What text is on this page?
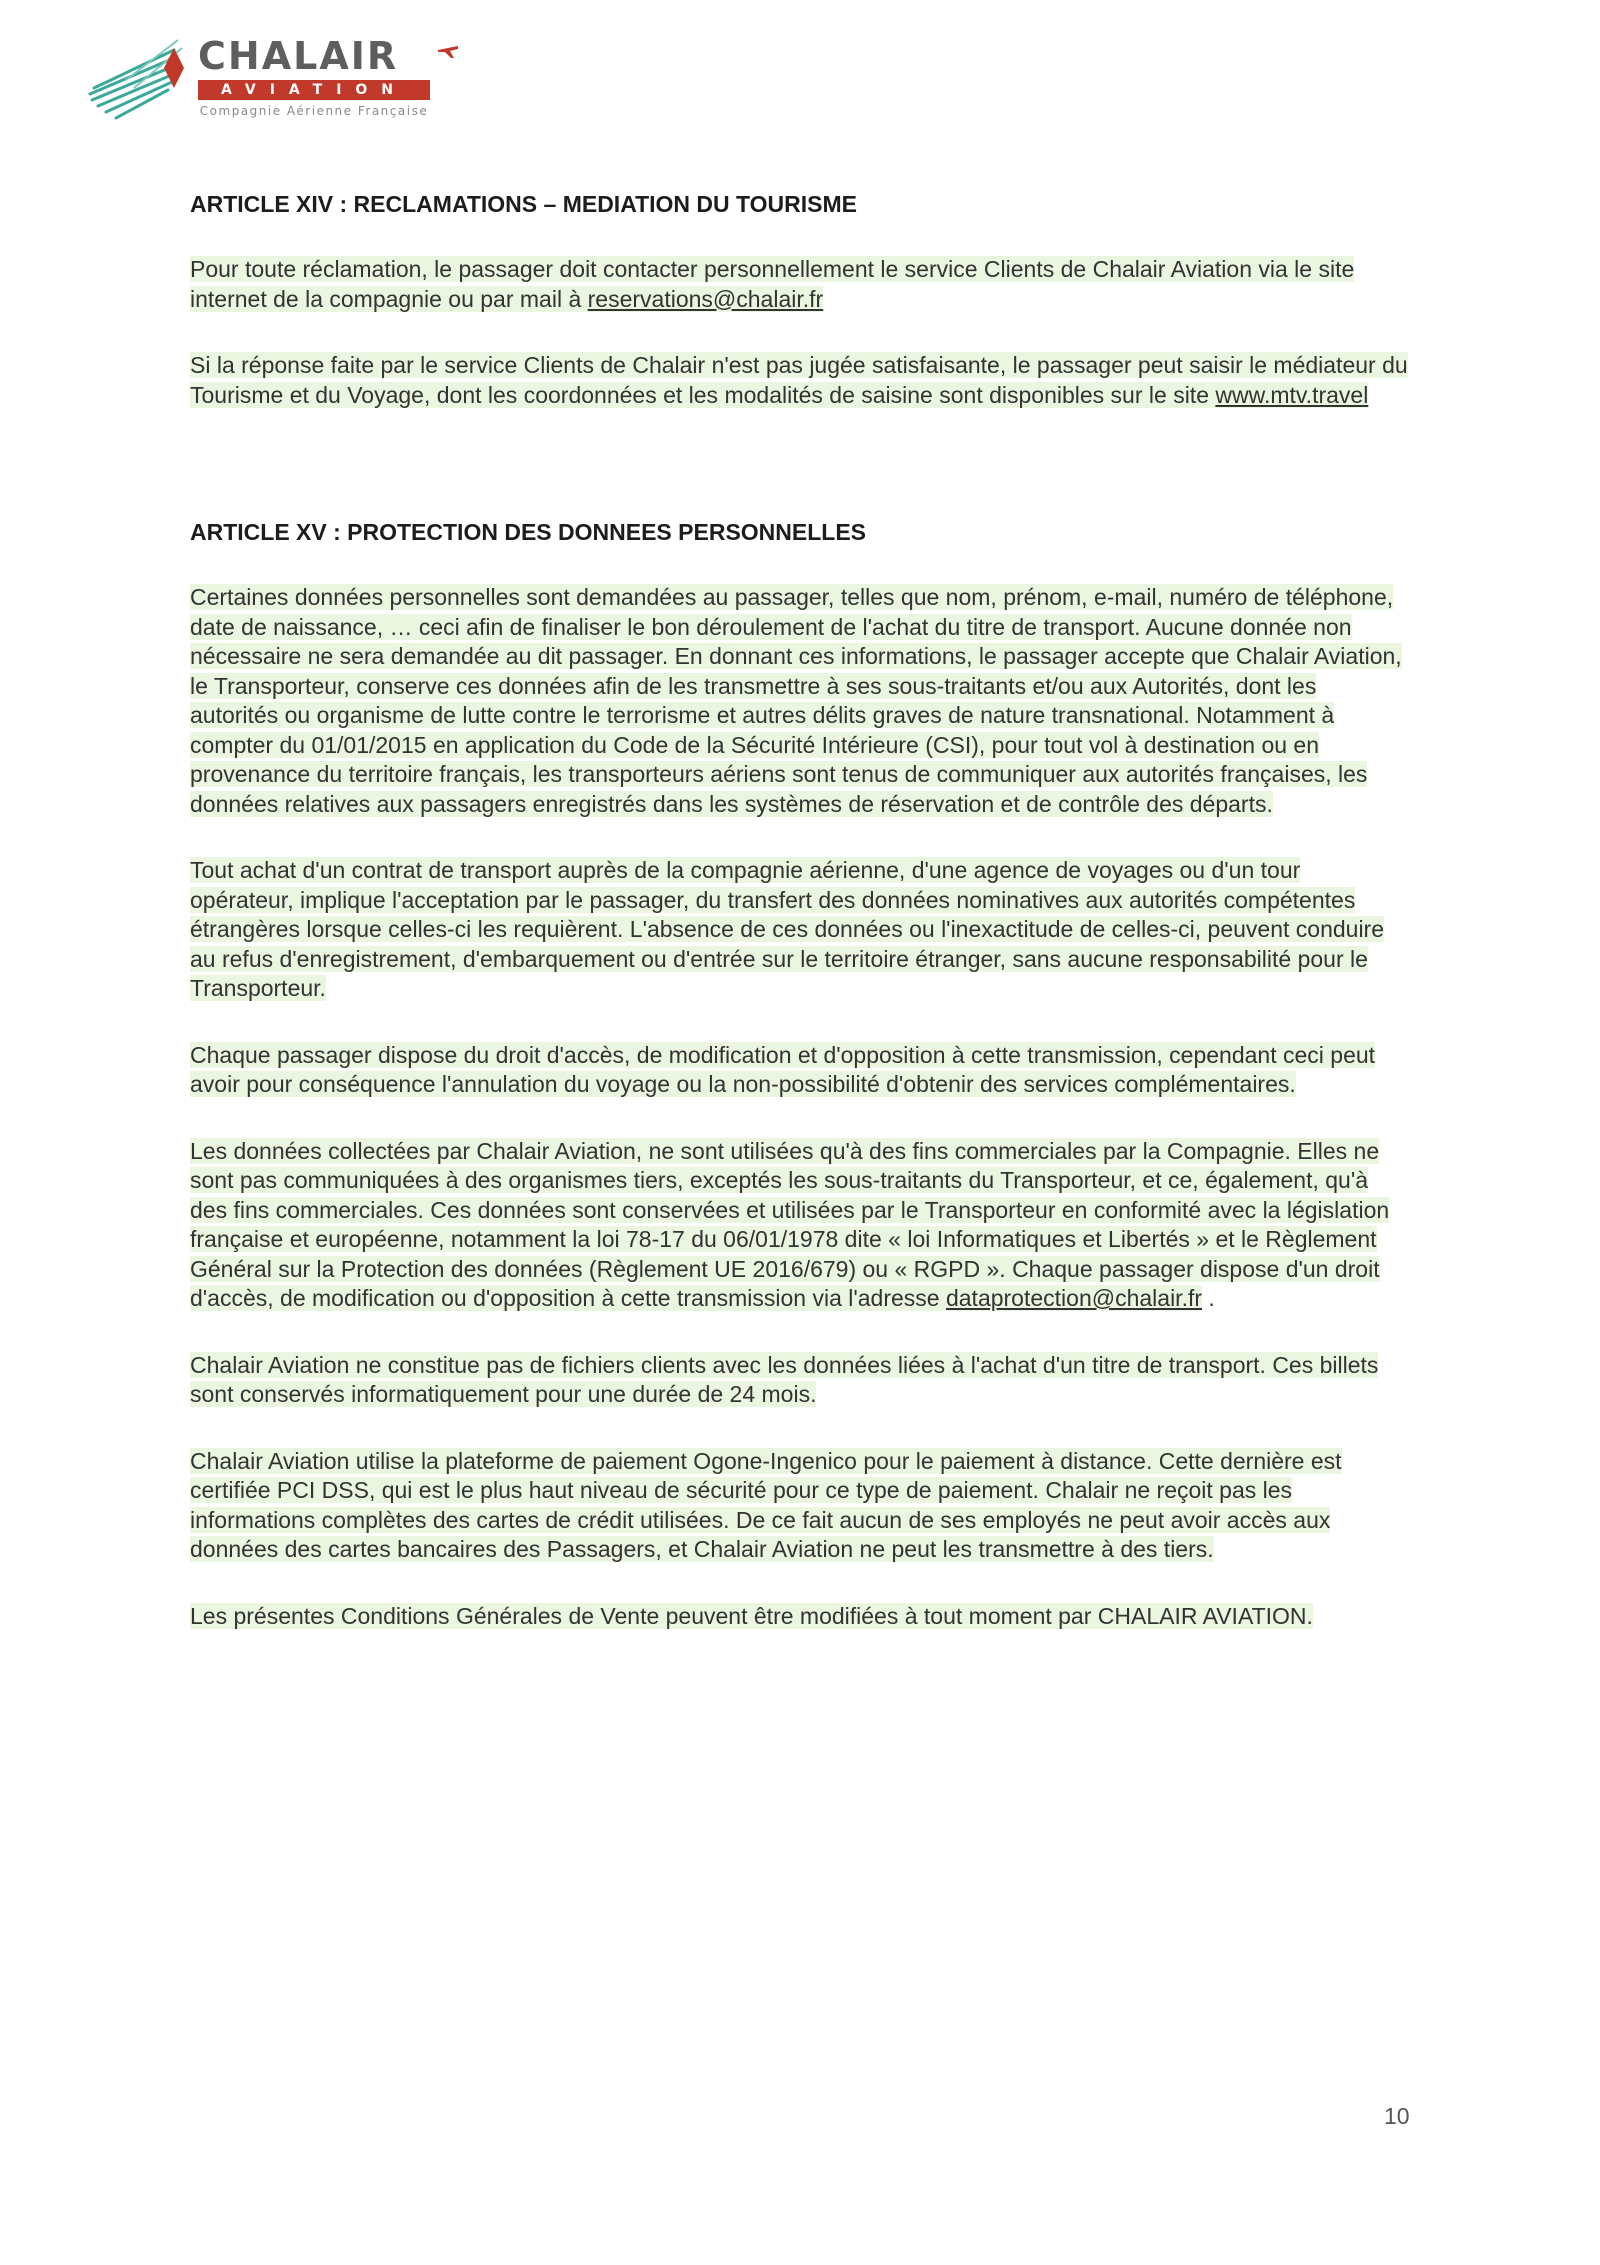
CHALAIR
AVIATION
Compagnie Aérienne Française
ARTICLE XIV : RECLAMATIONS – MEDIATION DU TOURISME

Pour toute réclamation, le passager doit contacter personnellement le service Clients de Chalair Aviation via le site internet de la compagnie ou par mail à reservations@chalair.fr

Si la réponse faite par le service Clients de Chalair n'est pas jugée satisfaisante, le passager peut saisir le médiateur du Tourisme et du Voyage, dont les coordonnées et les modalités de saisine sont disponibles sur le site www.mtv.travel

ARTICLE XV : PROTECTION DES DONNEES PERSONNELLES

Certaines données personnelles sont demandées au passager, telles que nom, prénom, e-mail, numéro de téléphone, date de naissance, … ceci afin de finaliser le bon déroulement de l'achat du titre de transport. Aucune donnée non nécessaire ne sera demandée au dit passager. En donnant ces informations, le passager accepte que Chalair Aviation, le Transporteur, conserve ces données afin de les transmettre à ses sous-traitants et/ou aux Autorités, dont les autorités ou organisme de lutte contre le terrorisme et autres délits graves de nature transnational. Notamment à compter du 01/01/2015 en application du Code de la Sécurité Intérieure (CSI), pour tout vol à destination ou en provenance du territoire français, les transporteurs aériens sont tenus de communiquer aux autorités françaises, les données relatives aux passagers enregistrés dans les systèmes de réservation et de contrôle des départs.

Tout achat d'un contrat de transport auprès de la compagnie aérienne, d'une agence de voyages ou d'un tour opérateur, implique l'acceptation par le passager, du transfert des données nominatives aux autorités compétentes étrangères lorsque celles-ci les requièrent. L'absence de ces données ou l'inexactitude de celles-ci, peuvent conduire au refus d'enregistrement, d'embarquement ou d'entrée sur le territoire étranger, sans aucune responsabilité pour le Transporteur.

Chaque passager dispose du droit d'accès, de modification et d'opposition à cette transmission, cependant ceci peut avoir pour conséquence l'annulation du voyage ou la non-possibilité d'obtenir des services complémentaires.

Les données collectées par Chalair Aviation, ne sont utilisées qu'à des fins commerciales par la Compagnie. Elles ne sont pas communiquées à des organismes tiers, exceptés les sous-traitants du Transporteur, et ce, également, qu'à des fins commerciales. Ces données sont conservées et utilisées par le Transporteur en conformité avec la législation française et européenne, notamment la loi 78-17 du 06/01/1978 dite « loi Informatiques et Libertés » et le Règlement Général sur la Protection des données (Règlement UE 2016/679) ou « RGPD ». Chaque passager dispose d'un droit d'accès, de modification ou d'opposition à cette transmission via l'adresse dataprotection@chalair.fr .

Chalair Aviation ne constitue pas de fichiers clients avec les données liées à l'achat d'un titre de transport. Ces billets sont conservés informatiquement pour une durée de 24 mois.

Chalair Aviation utilise la plateforme de paiement Ogone-Ingenico pour le paiement à distance. Cette dernière est certifiée PCI DSS, qui est le plus haut niveau de sécurité pour ce type de paiement. Chalair ne reçoit pas les informations complètes des cartes de crédit utilisées. De ce fait aucun de ses employés ne peut avoir accès aux données des cartes bancaires des Passagers, et Chalair Aviation ne peut les transmettre à des tiers.

Les présentes Conditions Générales de Vente peuvent être modifiées à tout moment par CHALAIR AVIATION.

10
